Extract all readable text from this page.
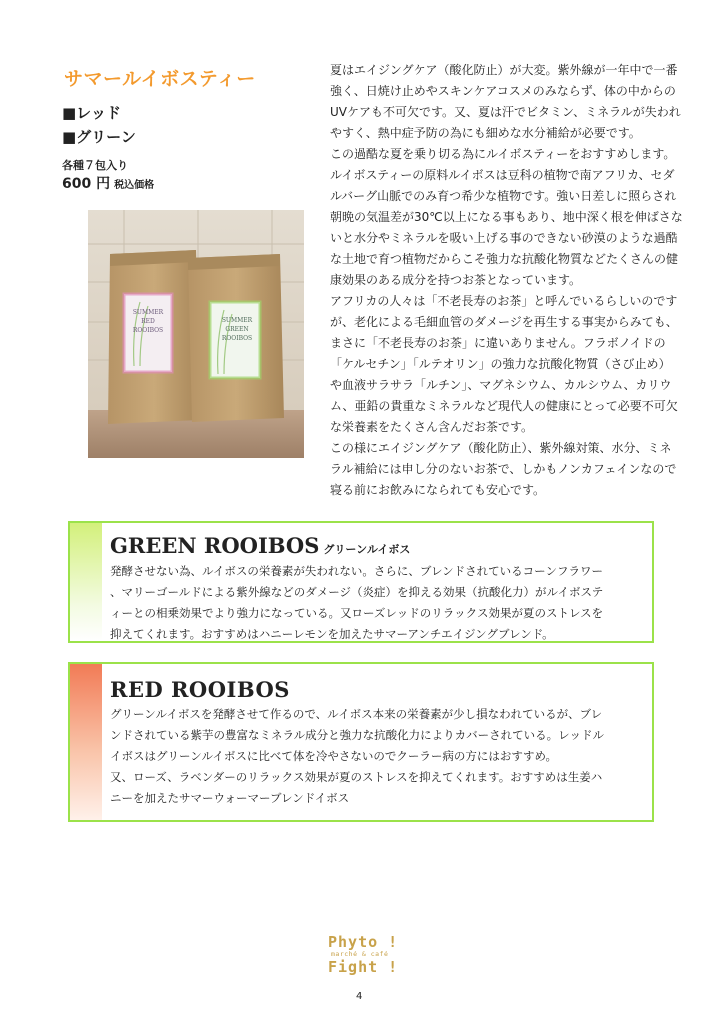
サマールイボスティー
■レッド
■グリーン
各種７包入り
600 円 税込価格
SUMMER
RED
ROOIBOS
SUMMER
GREEN
ROOIBOS

夏はエイジングケア（酸化防止）が大変。紫外線が一年中で一番

強く、日焼け止めやスキンケアコスメのみならず、体の中からの

UVケアも不可欠です。又、夏は汗でビタミン、ミネラルが失われ

やすく、熱中症予防の為にも細めな水分補給が必要です。

この過酷な夏を乗り切る為にルイボスティーをおすすめします。

ルイボスティーの原料ルイボスは豆科の植物で南アフリカ、セダ

ルバーグ山脈でのみ育つ希少な植物です。強い日差しに照らされ

朝晩の気温差が30℃以上になる事もあり、地中深く根を伸ばさな

いと水分やミネラルを吸い上げる事のできない砂漠のような過酷

な土地で育つ植物だからこそ強力な抗酸化物質などたくさんの健

康効果のある成分を持つお茶となっています。

アフリカの人々は「不老長寿のお茶」と呼んでいるらしいのです

が、老化による毛細血管のダメージを再生する事実からみても、

まさに「不老長寿のお茶」に違いありません。フラボノイドの

「ケルセチン」「ルテオリン」の強力な抗酸化物質（さび止め）

や血液サラサラ「ルチン」、マグネシウム、カルシウム、カリウ

ム、亜鉛の貴重なミネラルなど現代人の健康にとって必要不可欠

な栄養素をたくさん含んだお茶です。

この様にエイジングケア（酸化防止）、紫外線対策、水分、ミネ

ラル補給には申し分のないお茶で、しかもノンカフェインなので

寝る前にお飲みになられても安心です。

GREEN ROOIBOS グリーンルイボス

発酵させない為、ルイボスの栄養素が失われない。さらに、ブレンドされているコーンフラワー

、マリーゴールドによる紫外線などのダメージ（炎症）を抑える効果（抗酸化力）がルイボステ

ィーとの相乗効果でより強力になっている。又ローズレッドのリラックス効果が夏のストレスを

抑えてくれます。おすすめはハニーレモンを加えたサマーアンチエイジングブレンド。

RED ROOIBOS

グリーンルイボスを発酵させて作るので、ルイボス本来の栄養素が少し損なわれているが、ブレ

ンドされている紫芋の豊富なミネラル成分と強力な抗酸化力によりカバーされている。レッドル

イボスはグリーンルイボスに比べて体を冷やさないのでクーラー病の方にはおすすめ。

又、ローズ、ラベンダーのリラックス効果が夏のストレスを抑えてくれます。おすすめは生姜ハ

ニーを加えたサマーウォーマーブレンドイボス

Phyto !
marché & café
Fight !
4
